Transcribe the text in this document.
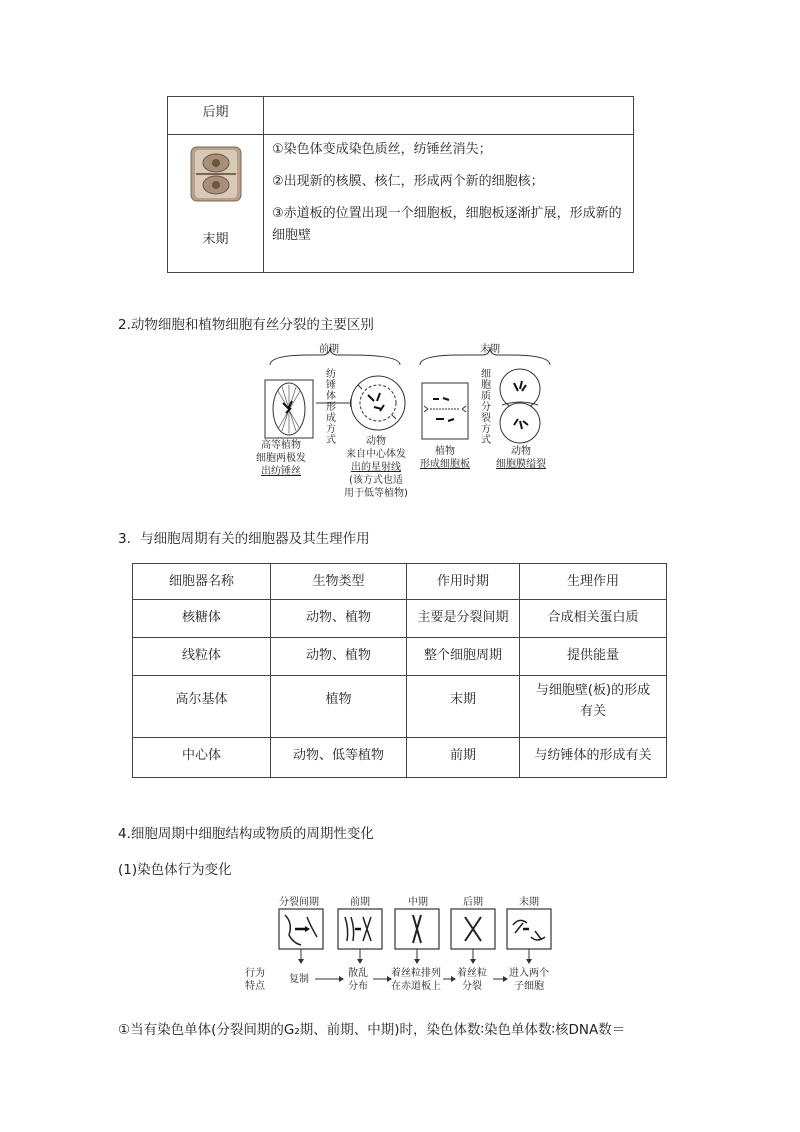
后期	

末期	①染色体变成染色质丝，纺锤丝消失；
②出现新的核膜、核仁，形成两个新的细胞核；
③赤道板的位置出现一个细胞板，细胞板逐渐扩展，形成新的细胞壁
2.动物细胞和植物细胞有丝分裂的主要区别
前期	末期
纺
锤
体
形
成
方
式
细
胞
质
分
裂
方
式
高等植物
细胞两极发
出纺锤丝
动物
来自中心体发
出的星射线
(该方式也适
用于低等植物)
植物
形成细胞板
动物
细胞膜缢裂
3．与细胞周期有关的细胞器及其生理作用
细胞器名称	生物类型	作用时期	生理作用
核糖体	动物、植物	主要是分裂间期	合成相关蛋白质
线粒体	动物、植物	整个细胞周期	提供能量
高尔基体	植物	末期	与细胞壁(板)的形成有关
中心体	动物、低等植物	前期	与纺锤体的形成有关
4.细胞周期中细胞结构或物质的周期性变化
(1)染色体行为变化
分裂间期	前期	中期	后期	末期
行为
特点
复制
散乱
分布
着丝粒排列
在赤道板上
着丝粒
分裂
进入两个
子细胞
①当有染色单体(分裂间期的G₂期、前期、中期)时，染色体数∶染色单体数∶核DNA数＝
